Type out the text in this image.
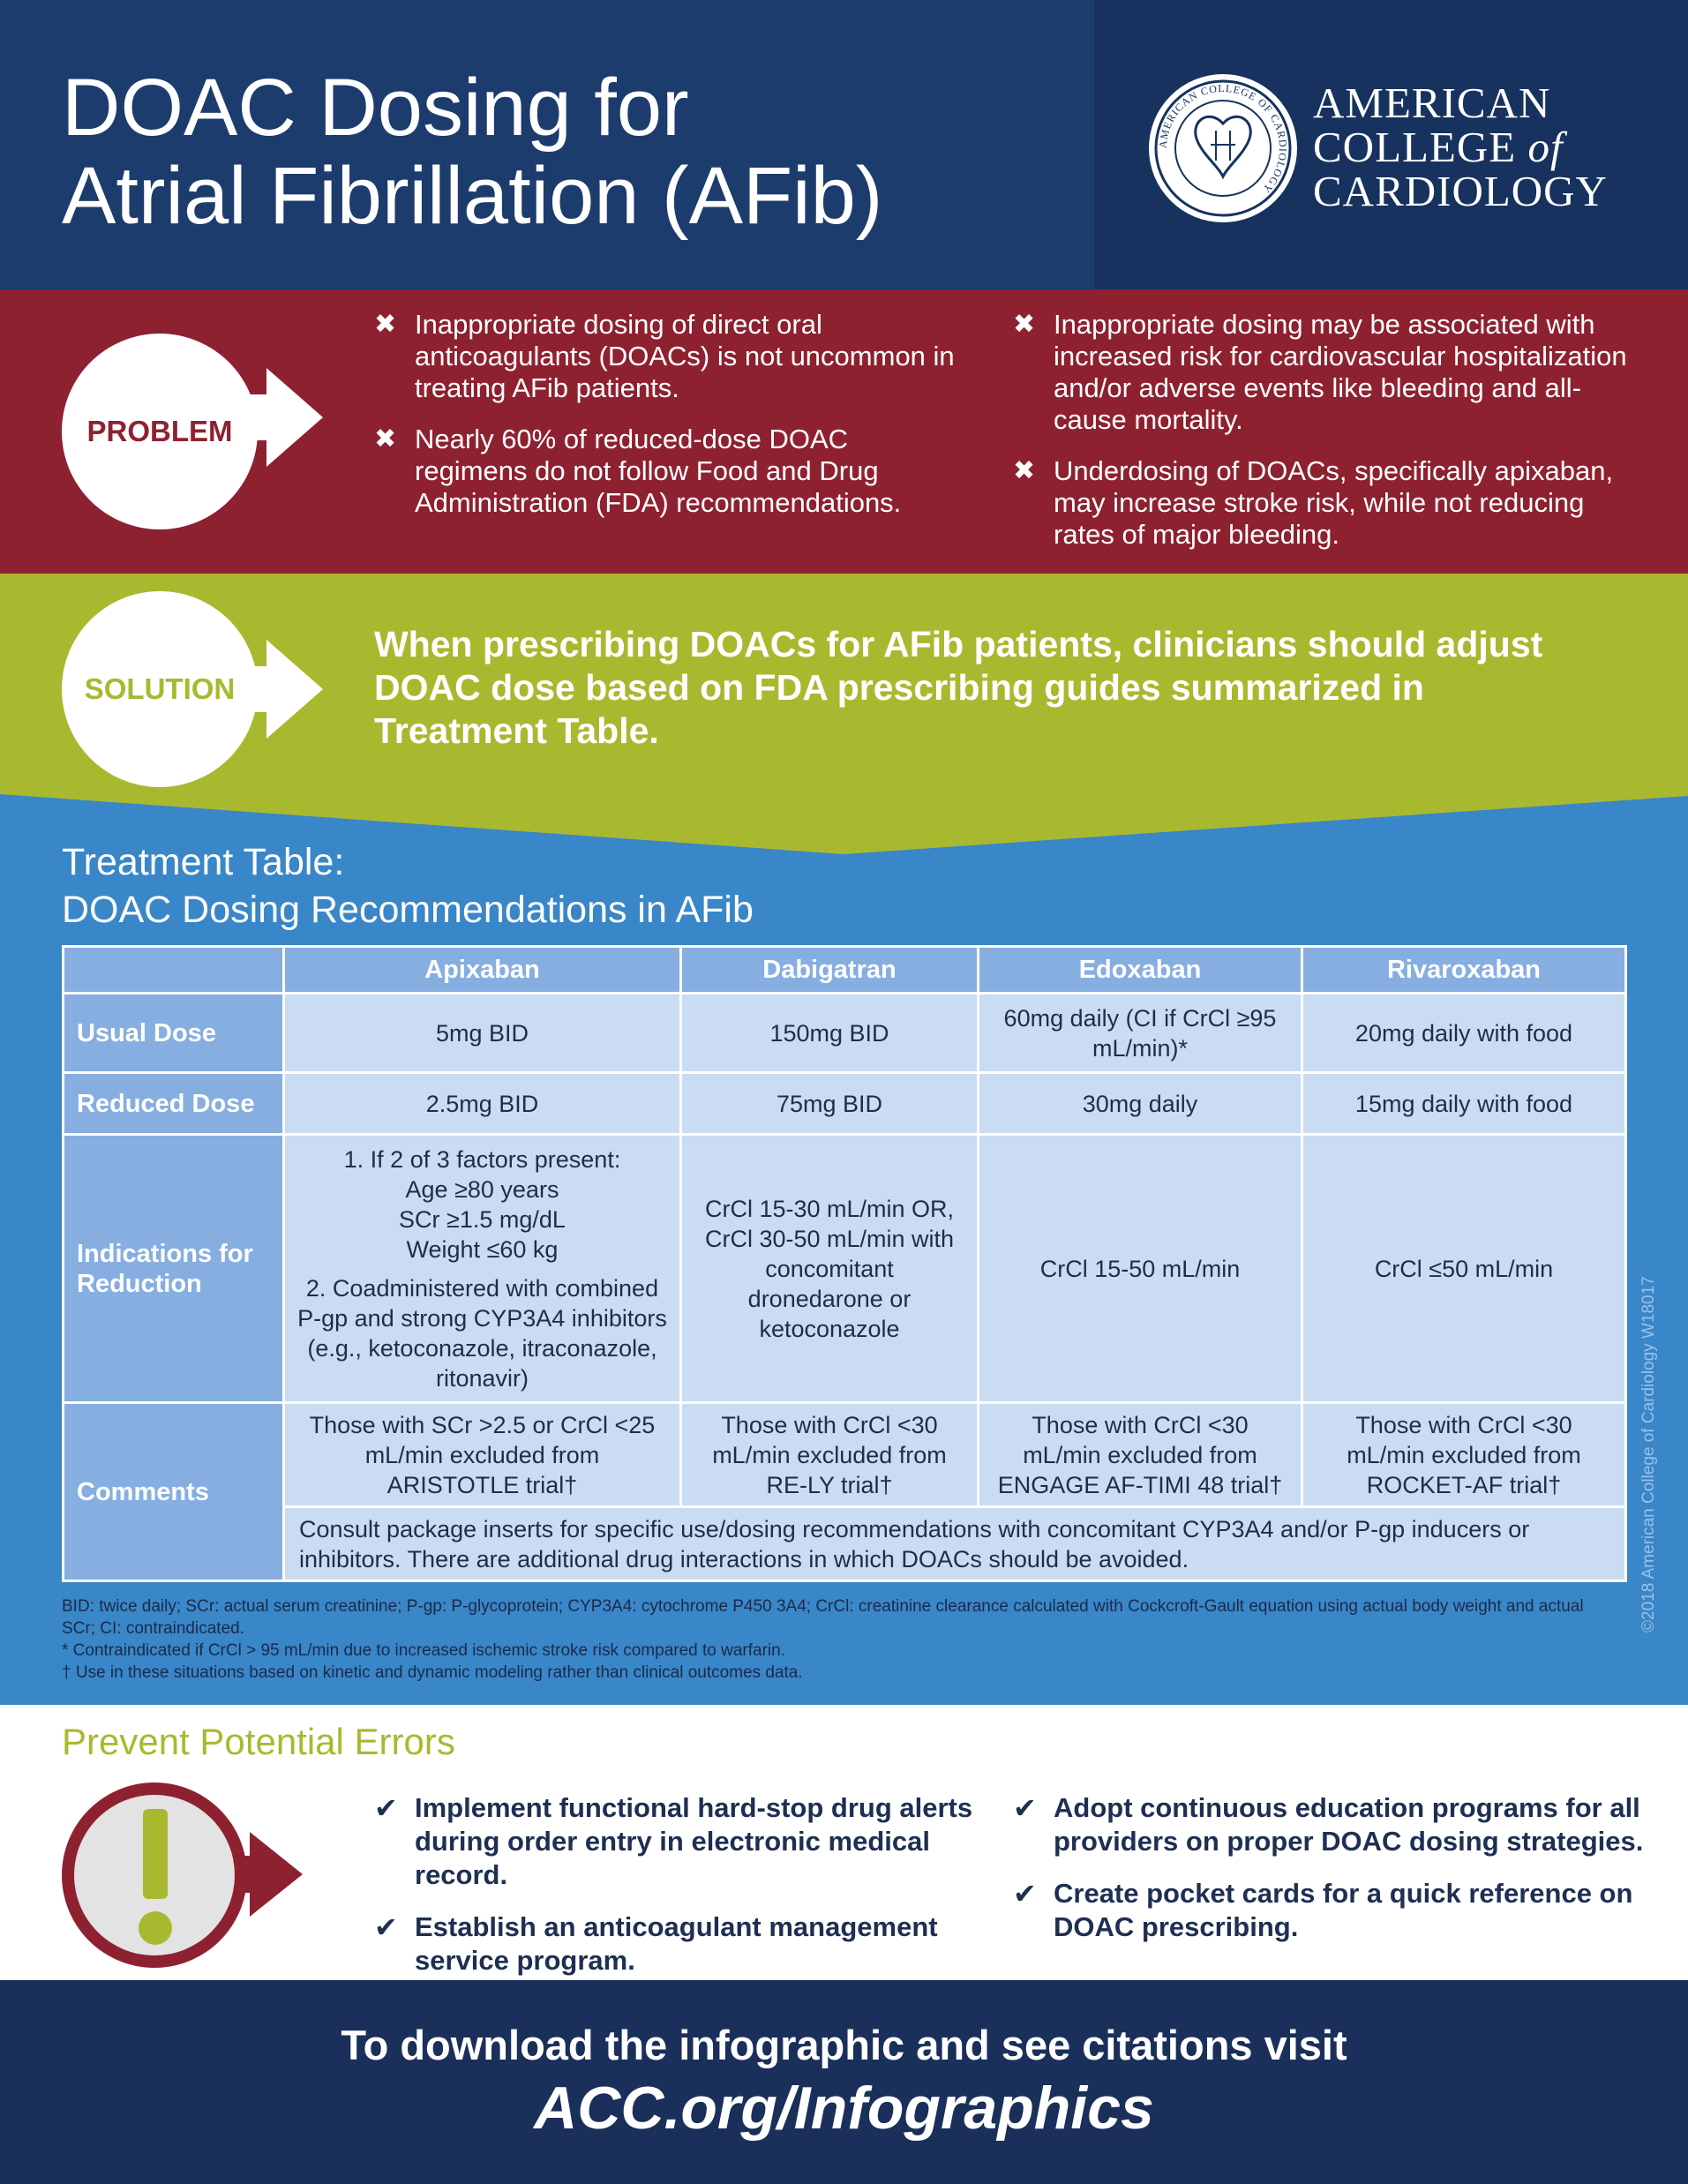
DOAC Dosing for
Atrial Fibrillation (AFib)
AMERICAN COLLEGE OF CARDIOLOGY
AMERICAN
COLLEGE of
CARDIOLOGY
PROBLEM
✖ Inappropriate dosing of direct oral anticoagulants (DOACs) is not uncommon in treating AFib patients.
✖ Nearly 60% of reduced-dose DOAC regimens do not follow Food and Drug Administration (FDA) recommendations.
✖ Inappropriate dosing may be associated with increased risk for cardiovascular hospitalization and/or adverse events like bleeding and all-cause mortality.
✖ Underdosing of DOACs, specifically apixaban, may increase stroke risk, while not reducing rates of major bleeding.
SOLUTION
When prescribing DOACs for AFib patients, clinicians should adjust DOAC dose based on FDA prescribing guides summarized in Treatment Table.
Treatment Table:
DOAC Dosing Recommendations in AFib
	Apixaban	Dabigatran	Edoxaban	Rivaroxaban
Usual Dose	5mg BID	150mg BID	60mg daily (CI if CrCl ≥95 mL/min)*	20mg daily with food
Reduced Dose	2.5mg BID	75mg BID	30mg daily	15mg daily with food
Indications for Reduction	1. If 2 of 3 factors present:
Age ≥80 years
SCr ≥1.5 mg/dL
Weight ≤60 kg
2. Coadministered with combined P-gp and strong CYP3A4 inhibitors (e.g., ketoconazole, itraconazole, ritonavir)	CrCl 15-30 mL/min OR, CrCl 30-50 mL/min with concomitant dronedarone or ketoconazole	CrCl 15-50 mL/min	CrCl ≤50 mL/min
Comments	Those with SCr >2.5 or CrCl <25 mL/min excluded from ARISTOTLE trial†	Those with CrCl <30 mL/min excluded from RE-LY trial†	Those with CrCl <30 mL/min excluded from ENGAGE AF-TIMI 48 trial†	Those with CrCl <30 mL/min excluded from ROCKET-AF trial†
	Consult package inserts for specific use/dosing recommendations with concomitant CYP3A4 and/or P-gp inducers or inhibitors. There are additional drug interactions in which DOACs should be avoided.			
BID: twice daily; SCr: actual serum creatinine; P-gp: P-glycoprotein; CYP3A4: cytochrome P450 3A4; CrCl: creatinine clearance calculated with Cockcroft-Gault equation using actual body weight and actual SCr; CI: contraindicated.
* Contraindicated if CrCl > 95 mL/min due to increased ischemic stroke risk compared to warfarin.
† Use in these situations based on kinetic and dynamic modeling rather than clinical outcomes data.
©2018 American College of Cardiology W18017
Prevent Potential Errors
✔ Implement functional hard-stop drug alerts during order entry in electronic medical record.
✔ Establish an anticoagulant management service program.
✔ Adopt continuous education programs for all providers on proper DOAC dosing strategies.
✔ Create pocket cards for a quick reference on DOAC prescribing.
To download the infographic and see citations visit
ACC.org/Infographics
